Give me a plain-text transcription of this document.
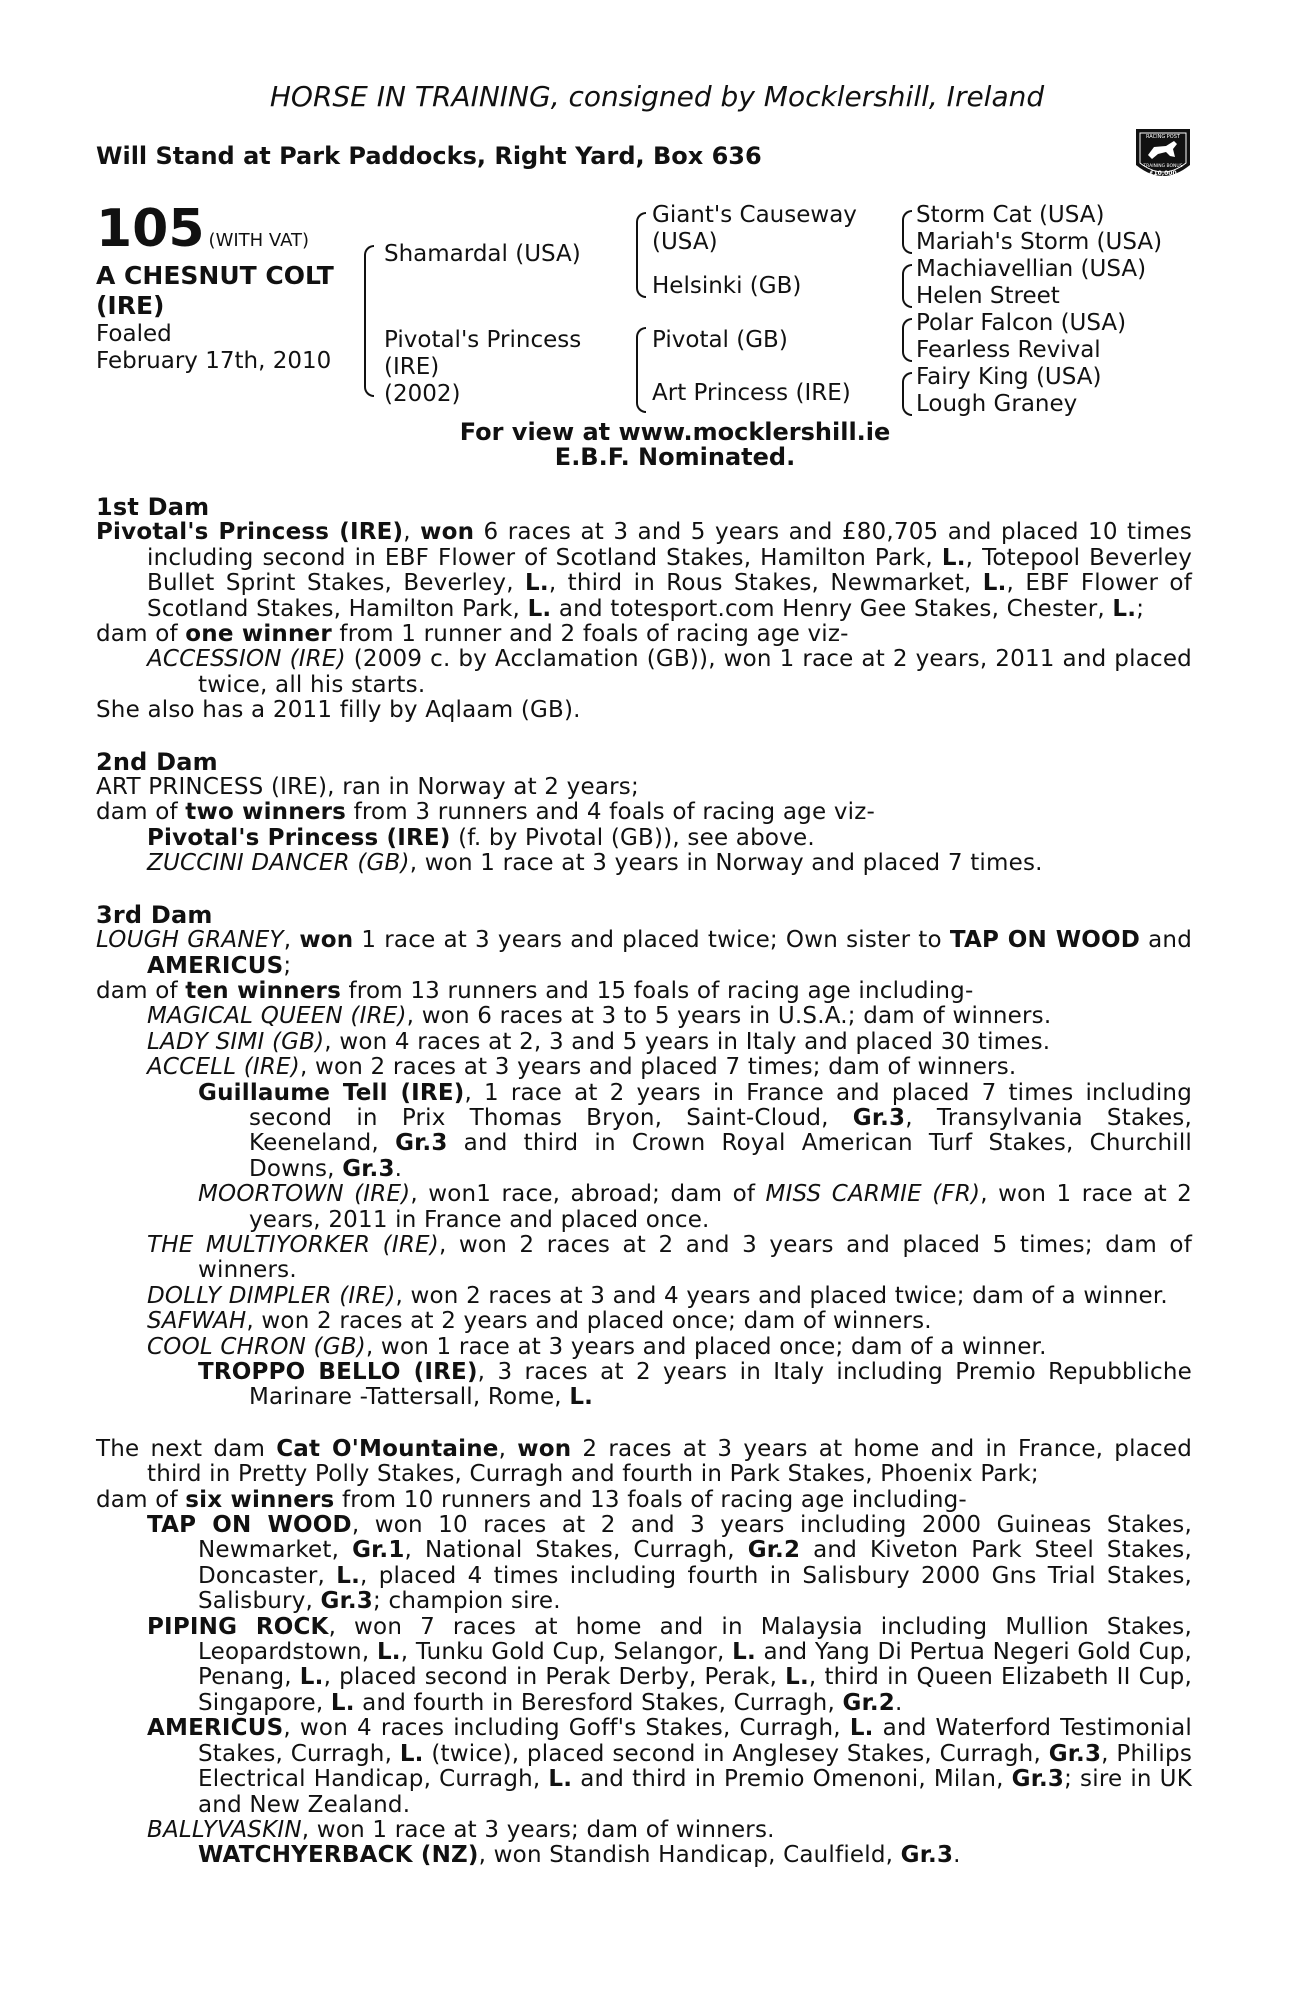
HORSE IN TRAINING, consigned by Mocklershill, Ireland
Will Stand at Park Paddocks, Right Yard, Box 636
RACING POST
TRAINING BONUS
£10,000
105 (WITH VAT)
A CHESNUT COLT
(IRE)
Foaled
February 17th, 2010
Shamardal (USA)
Pivotal's Princess
(IRE)
(2002)
Giant's Causeway
(USA)
Helsinki (GB)
Pivotal (GB)
Art Princess (IRE)
Storm Cat (USA)
Mariah's Storm (USA)
Machiavellian (USA)
Helen Street
Polar Falcon (USA)
Fearless Revival
Fairy King (USA)
Lough Graney
For view at www.mocklershill.ie
E.B.F. Nominated.

1st Dam

Pivotal's Princess (IRE), won 6 races at 3 and 5 years and £80,705 and placed 10 times including second in EBF Flower of Scotland Stakes, Hamilton Park, L., Totepool Beverley Bullet Sprint Stakes, Beverley, L., third in Rous Stakes, Newmarket, L., EBF Flower of Scotland Stakes, Hamilton Park, L. and totesport.com Henry Gee Stakes, Chester, L.;

dam of one winner from 1 runner and 2 foals of racing age viz-

ACCESSION (IRE) (2009 c. by Acclamation (GB)), won 1 race at 2 years, 2011 and placed twice, all his starts.

She also has a 2011 filly by Aqlaam (GB).

2nd Dam

ART PRINCESS (IRE), ran in Norway at 2 years;

dam of two winners from 3 runners and 4 foals of racing age viz-

Pivotal's Princess (IRE) (f. by Pivotal (GB)), see above.

ZUCCINI DANCER (GB), won 1 race at 3 years in Norway and placed 7 times.

3rd Dam

LOUGH GRANEY, won 1 race at 3 years and placed twice; Own sister to TAP ON WOOD and AMERICUS;

dam of ten winners from 13 runners and 15 foals of racing age including-

MAGICAL QUEEN (IRE), won 6 races at 3 to 5 years in U.S.A.; dam of winners.

LADY SIMI (GB), won 4 races at 2, 3 and 5 years in Italy and placed 30 times.

ACCELL (IRE), won 2 races at 3 years and placed 7 times; dam of winners.

Guillaume Tell (IRE), 1 race at 2 years in France and placed 7 times including second in Prix Thomas Bryon, Saint-Cloud, Gr.3, Transylvania Stakes, Keeneland, Gr.3 and third in Crown Royal American Turf Stakes, Churchill Downs, Gr.3.

MOORTOWN (IRE), won1 race, abroad; dam of MISS CARMIE (FR), won 1 race at 2 years, 2011 in France and placed once.

THE MULTIYORKER (IRE), won 2 races at 2 and 3 years and placed 5 times; dam of winners.

DOLLY DIMPLER (IRE), won 2 races at 3 and 4 years and placed twice; dam of a winner.

SAFWAH, won 2 races at 2 years and placed once; dam of winners.

COOL CHRON (GB), won 1 race at 3 years and placed once; dam of a winner.

TROPPO BELLO (IRE), 3 races at 2 years in Italy including Premio Repubbliche Marinare -Tattersall, Rome, L.

The next dam Cat O'Mountaine, won 2 races at 3 years at home and in France, placed third in Pretty Polly Stakes, Curragh and fourth in Park Stakes, Phoenix Park;

dam of six winners from 10 runners and 13 foals of racing age including-

TAP ON WOOD, won 10 races at 2 and 3 years including 2000 Guineas Stakes, Newmarket, Gr.1, National Stakes, Curragh, Gr.2 and Kiveton Park Steel Stakes, Doncaster, L., placed 4 times including fourth in Salisbury 2000 Gns Trial Stakes, Salisbury, Gr.3; champion sire.

PIPING ROCK, won 7 races at home and in Malaysia including Mullion Stakes, Leopardstown, L., Tunku Gold Cup, Selangor, L. and Yang Di Pertua Negeri Gold Cup, Penang, L., placed second in Perak Derby, Perak, L., third in Queen Elizabeth II Cup, Singapore, L. and fourth in Beresford Stakes, Curragh, Gr.2.

AMERICUS, won 4 races including Goff's Stakes, Curragh, L. and Waterford Testimonial Stakes, Curragh, L. (twice), placed second in Anglesey Stakes, Curragh, Gr.3, Philips Electrical Handicap, Curragh, L. and third in Premio Omenoni, Milan, Gr.3; sire in UK and New Zealand.

BALLYVASKIN, won 1 race at 3 years; dam of winners.

WATCHYERBACK (NZ), won Standish Handicap, Caulfield, Gr.3.
